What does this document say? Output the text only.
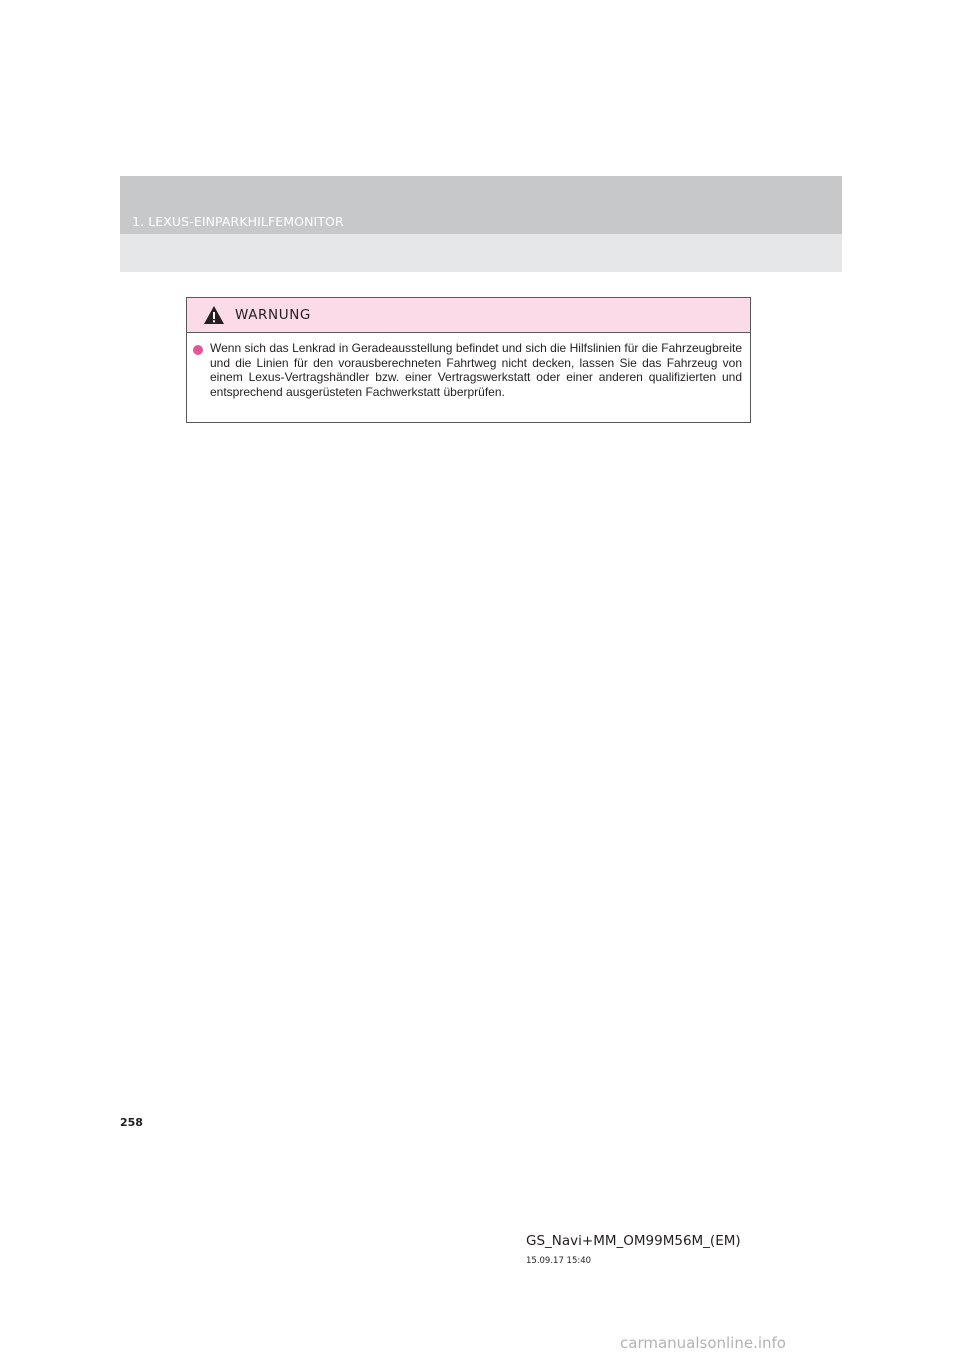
1. LEXUS-EINPARKHILFEMONITOR
WARNUNG

Wenn sich das Lenkrad in Geradeausstellung befindet und sich die Hilfslinien für die Fahrzeugbreite und die Linien für den vorausberechneten Fahrtweg nicht decken, lassen Sie das Fahrzeug von einem Lexus-Vertragshändler bzw. einer Vertragswerkstatt oder einer anderen qualifizierten und entsprechend ausgerüsteten Fachwerkstatt überprüfen.

258
GS_Navi+MM_OM99M56M_(EM)
15.09.17 15:40
carmanualsonline.info
